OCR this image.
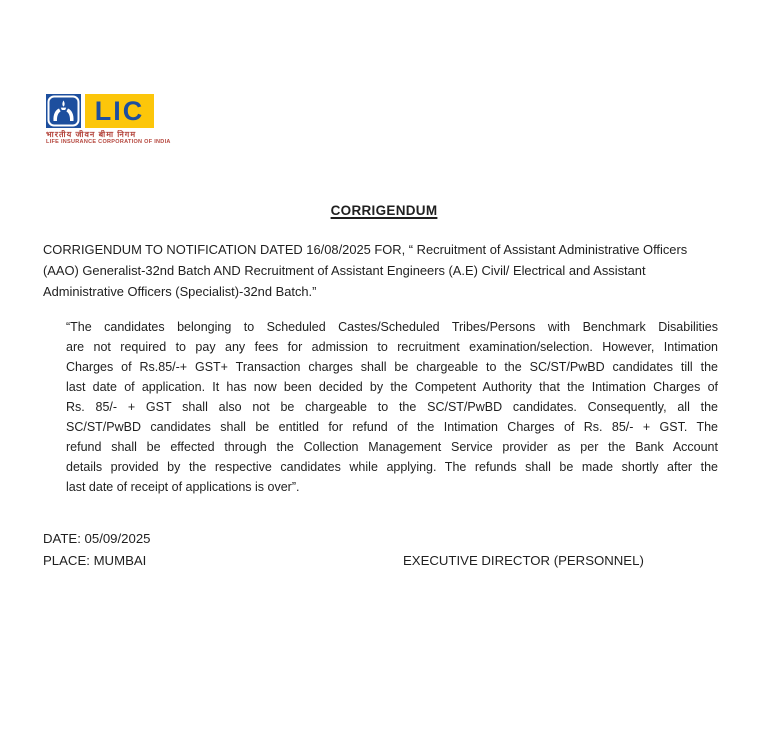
LIC
भारतीय जीवन बीमा निगम
LIFE INSURANCE CORPORATION OF INDIA
CORRIGENDUM
CORRIGENDUM TO NOTIFICATION DATED 16/08/2025 FOR, “ Recruitment of Assistant Administrative Officers
(AAO) Generalist-32nd Batch AND Recruitment of Assistant Engineers (A.E) Civil/ Electrical and Assistant
Administrative Officers (Specialist)-32nd Batch.”
“The candidates belonging to Scheduled Castes/Scheduled Tribes/Persons with Benchmark Disabilities
are not required to pay any fees for admission to recruitment examination/selection. However, Intimation
Charges of Rs.85/-+ GST+ Transaction charges shall be chargeable to the SC/ST/PwBD candidates till the
last date of application. It has now been decided by the Competent Authority that the Intimation Charges of
Rs. 85/- + GST shall also not be chargeable to the SC/ST/PwBD candidates. Consequently, all the
SC/ST/PwBD candidates shall be entitled for refund of the Intimation Charges of Rs. 85/- + GST. The
refund shall be effected through the Collection Management Service provider as per the Bank Account
details provided by the respective candidates while applying. The refunds shall be made shortly after the
last date of receipt of applications is over”.
DATE: 05/09/2025
PLACE: MUMBAI	EXECUTIVE DIRECTOR (PERSONNEL)
